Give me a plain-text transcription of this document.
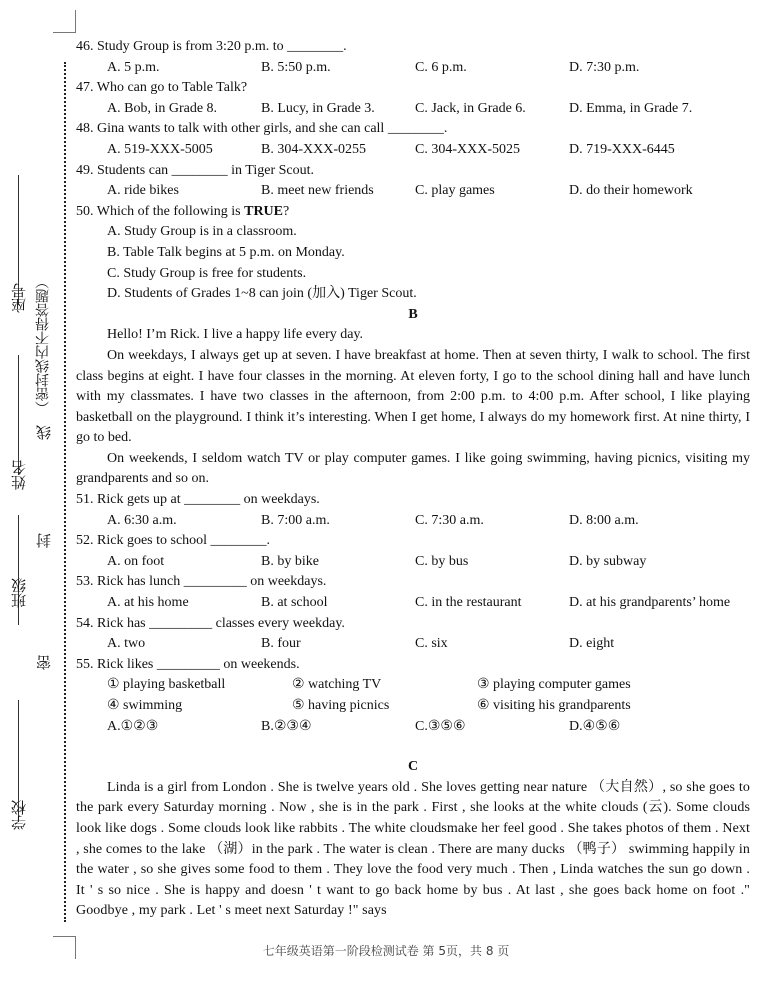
座号 （密封线内不得答题）
线
姓名
封
班级
密
学校
46. Study Group is from 3:20 p.m. to ________.
A. 5 p.m.	B. 5:50 p.m.	C. 6 p.m.	D. 7:30 p.m.
47. Who can go to Table Talk?
A. Bob, in Grade 8.	B. Lucy, in Grade 3.	C. Jack, in Grade 6.	D. Emma, in Grade 7.
48. Gina wants to talk with other girls, and she can call ________.
A. 519-XXX-5005	B. 304-XXX-0255	C. 304-XXX-5025	D. 719-XXX-6445
49. Students can ________ in Tiger Scout.
A. ride bikes	B. meet new friends	C. play games	D. do their homework
50. Which of the following is TRUE?
A. Study Group is in a classroom.
B. Table Talk begins at 5 p.m. on Monday.
C. Study Group is free for students.
D. Students of Grades 1~8 can join (加入) Tiger Scout.
B

Hello! I’m Rick. I live a happy life every day.

On weekdays, I always get up at seven. I have breakfast at home. Then at seven thirty, I walk to school. The first class begins at eight. I have four classes in the morning. At eleven forty, I go to the school dining hall and have lunch with my classmates. I have two classes in the afternoon, from 2:00 p.m. to 4:00 p.m. After school, I like playing basketball on the playground. I think it’s interesting. When I get home, I always do my homework first. At nine thirty, I go to bed.

On weekends, I seldom watch TV or play computer games. I like going swimming, having picnics, visiting my grandparents and so on.

51. Rick gets up at ________ on weekdays.
A. 6:30 a.m.	B. 7:00 a.m.	C. 7:30 a.m.	D. 8:00 a.m.
52. Rick goes to school ________.
A. on foot	B. by bike	C. by bus	D. by subway
53. Rick has lunch _________ on weekdays.
A. at his home	B. at school	C. in the restaurant	D. at his grandparents’ home
54. Rick has _________ classes every weekday.
A. two	B. four	C. six	D. eight
55. Rick likes _________ on weekends.
① playing basketball	② watching TV	③ playing computer games
④ swimming	⑤ having picnics	⑥ visiting his grandparents
A.①②③	B.②③④	C.③⑤⑥	D.④⑤⑥
C

Linda is a girl from London . She is twelve years old . She loves getting near nature （大自然）, so she goes to the park every Saturday morning . Now , she is in the park . First , she looks at the white clouds (云). Some clouds look like dogs . Some clouds look like rabbits . The white cloudsmake her feel good . She takes photos of them . Next , she comes to the lake （湖）in the park . The water is clean . There are many ducks （鸭子） swimming happily in the water , so she gives some food to them . They love the food very much . Then , Linda watches the sun go down . It ' s so nice . She is happy and doesn ' t want to go back home by bus . At last , she goes back home on foot ." Goodbye , my park . Let ' s meet next Saturday !" says

七年级英语第一阶段检测试卷 第 5页，共 8 页
